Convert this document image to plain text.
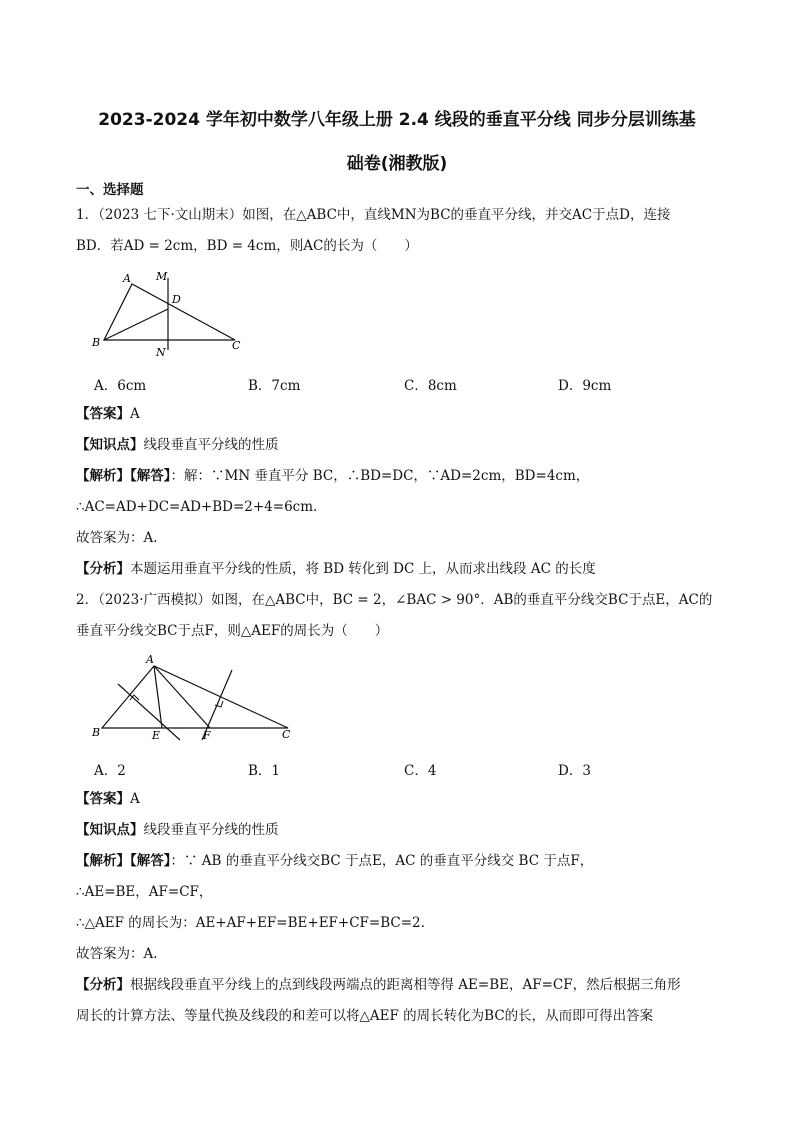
2023-2024 学年初中数学八年级上册 2.4 线段的垂直平分线 同步分层训练基
础卷(湘教版)
一、选择题
1．（2023 七下·文山期末）如图，在△ABC中，直线MN为BC的垂直平分线，并交AC于点D，连接
BD．若AD = 2cm，BD = 4cm，则AC的长为（　　）
A M
D
B
N
C
A．6cm	B．7cm	C．8cm	D．9cm
【答案】A
【知识点】线段垂直平分线的性质
【解析】【解答】：解：∵MN 垂直平分 BC，∴BD=DC，∵AD=2cm，BD=4cm，
∴AC=AD+DC=AD+BD=2+4=6cm.
故答案为：A.
【分析】本题运用垂直平分线的性质，将 BD 转化到 DC 上，从而求出线段 AC 的长度
2．（2023·广西模拟）如图，在△ABC中，BC = 2，∠BAC > 90°．AB的垂直平分线交BC于点E，AC的
垂直平分线交BC于点F，则△AEF的周长为（　　）
A
B	E	F	C
A．2	B．1	C．4	D．3
【答案】A
【知识点】线段垂直平分线的性质
【解析】【解答】：∵ AB 的垂直平分线交BC 于点E，AC 的垂直平分线交 BC 于点F，
∴AE=BE，AF=CF，
∴△AEF 的周长为：AE+AF+EF=BE+EF+CF=BC=2.
故答案为：A.
【分析】根据线段垂直平分线上的点到线段两端点的距离相等得 AE=BE，AF=CF，然后根据三角形
周长的计算方法、等量代换及线段的和差可以将△AEF 的周长转化为BC的长，从而即可得出答案
